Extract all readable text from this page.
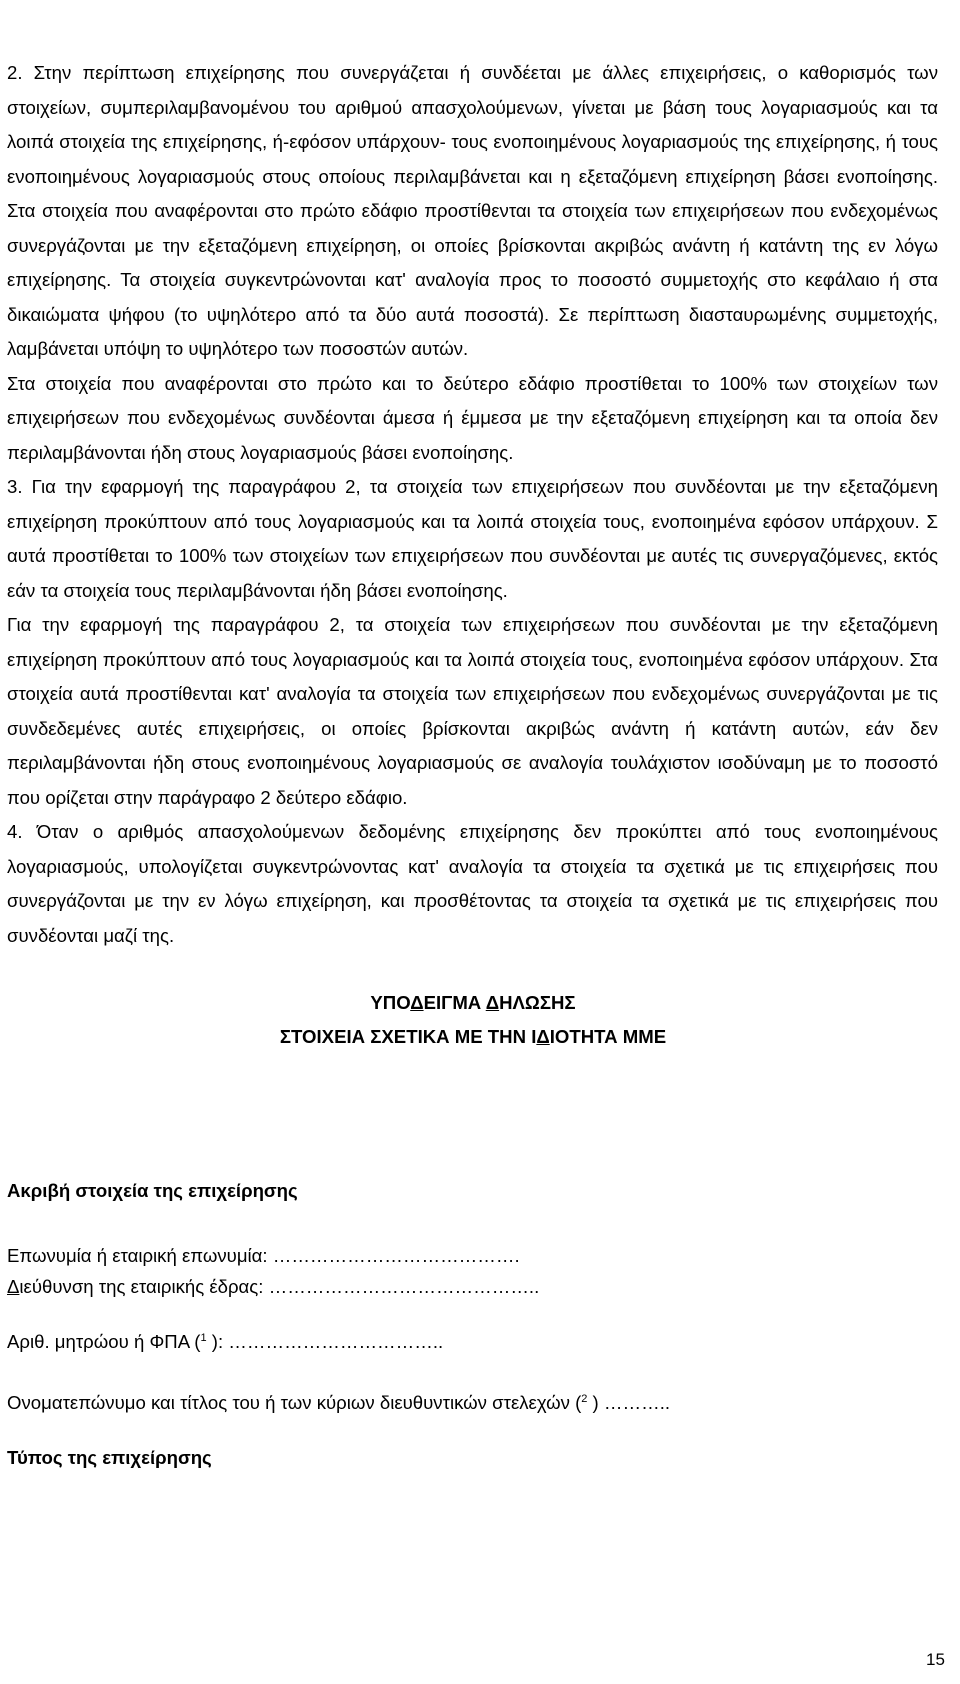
2. Στην περίπτωση επιχείρησης που συνεργάζεται ή συνδέεται με άλλες επιχειρήσεις, ο καθορισμός των στοιχείων, συμπεριλαμβανομένου του αριθμού απασχολούμενων, γίνεται με βάση τους λογαριασμούς και τα λοιπά στοιχεία της επιχείρησης, ή-εφόσον υπάρχουν- τους ενοποιημένους λογαριασμούς της επιχείρησης, ή τους ενοποιημένους λογαριασμούς στους οποίους περιλαμβάνεται και η εξεταζόμενη επιχείρηση βάσει ενοποίησης. Στα στοιχεία που αναφέρονται στο πρώτο εδάφιο προστίθενται τα στοιχεία των επιχειρήσεων που ενδεχομένως συνεργάζονται με την εξεταζόμενη επιχείρηση, οι οποίες βρίσκονται ακριβώς ανάντη ή κατάντη της εν λόγω επιχείρησης. Τα στοιχεία συγκεντρώνονται κατ' αναλογία προς το ποσοστό συμμετοχής στο κεφάλαιο ή στα δικαιώματα ψήφου (το υψηλότερο από τα δύο αυτά ποσοστά). Σε περίπτωση διασταυρωμένης συμμετοχής, λαμβάνεται υπόψη το υψηλότερο των ποσοστών αυτών.

Στα στοιχεία που αναφέρονται στο πρώτο και το δεύτερο εδάφιο προστίθεται το 100% των στοιχείων των επιχειρήσεων που ενδεχομένως συνδέονται άμεσα ή έμμεσα με την εξεταζόμενη επιχείρηση και τα οποία δεν περιλαμβάνονται ήδη στους λογαριασμούς βάσει ενοποίησης.

3. Για την εφαρμογή της παραγράφου 2, τα στοιχεία των επιχειρήσεων που συνδέονται με την εξεταζόμενη επιχείρηση προκύπτουν από τους λογαριασμούς και τα λοιπά στοιχεία τους, ενοποιημένα εφόσον υπάρχουν. Σ αυτά προστίθεται το 100% των στοιχείων των επιχειρήσεων που συνδέονται με αυτές τις συνεργαζόμενες, εκτός εάν τα στοιχεία τους περιλαμβάνονται ήδη βάσει ενοποίησης.

Για την εφαρμογή της παραγράφου 2, τα στοιχεία των επιχειρήσεων που συνδέονται με την εξεταζόμενη επιχείρηση προκύπτουν από τους λογαριασμούς και τα λοιπά στοιχεία τους, ενοποιημένα εφόσον υπάρχουν. Στα στοιχεία αυτά προστίθενται κατ' αναλογία τα στοιχεία των επιχειρήσεων που ενδεχομένως συνεργάζονται με τις συνδεδεμένες αυτές επιχειρήσεις, οι οποίες βρίσκονται ακριβώς ανάντη ή κατάντη αυτών, εάν δεν περιλαμβάνονται ήδη στους ενοποιημένους λογαριασμούς σε αναλογία τουλάχιστον ισοδύναμη με το ποσοστό που ορίζεται στην παράγραφο 2 δεύτερο εδάφιο.

4. Όταν ο αριθμός απασχολούμενων δεδομένης επιχείρησης δεν προκύπτει από τους ενοποιημένους λογαριασμούς, υπολογίζεται συγκεντρώνοντας κατ' αναλογία τα στοιχεία τα σχετικά με τις επιχειρήσεις που συνεργάζονται με την εν λόγω επιχείρηση, και προσθέτοντας τα στοιχεία τα σχετικά με τις επιχειρήσεις που συνδέονται μαζί της.

ΥΠΟΔΕΙΓΜΑ ΔΗΛΩΣΗΣ
ΣΤΟΙΧΕΙΑ ΣΧΕΤΙΚΑ ΜΕ ΤΗΝ ΙΔΙΟΤΗΤΑ ΜΜΕ

Ακριβή στοιχεία της επιχείρησης

Επωνυμία ή εταιρική επωνυμία: ………………………………….

Διεύθυνση της εταιρικής έδρας: ……………………………………..

Αριθ. μητρώου ή ΦΠΑ ($^1$ ): ……………………………..

Ονοματεπώνυμο και τίτλος του ή των κύριων διευθυντικών στελεχών ($^2$ ) ………..

Τύπος της επιχείρησης

15
